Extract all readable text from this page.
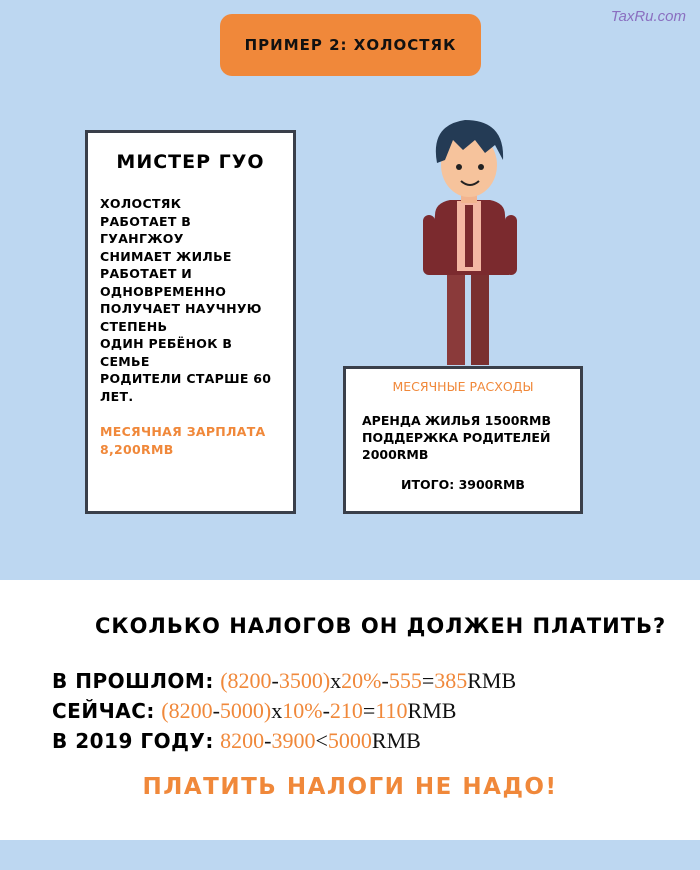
TaxRu.com
ПРИМЕР 2: ХОЛОСТЯК
МИСТЕР ГУО
ХОЛОСТЯК
РАБОТАЕТ В
ГУАНГЖОУ
СНИМАЕТ ЖИЛЬЕ
РАБОТАЕТ И
ОДНОВРЕМЕННО
ПОЛУЧАЕТ НАУЧНУЮ
СТЕПЕНЬ
ОДИН РЕБЁНОК В
СЕМЬЕ
РОДИТЕЛИ СТАРШЕ 60
ЛЕТ.
МЕСЯЧНАЯ ЗАРПЛАТА
8,200RMB
МЕСЯЧНЫЕ РАСХОДЫ
АРЕНДА ЖИЛЬЯ 1500RMB
ПОДДЕРЖКА РОДИТЕЛЕЙ
2000RMB
ИТОГО: 3900RMB
СКОЛЬКО НАЛОГОВ ОН ДОЛЖЕН ПЛАТИТЬ?
В ПРОШЛОМ: (8200-3500)x20%-555=385RMB
СЕЙЧАС: (8200-5000)x10%-210=110RMB
В 2019 ГОДУ: 8200-3900<5000RMB
ПЛАТИТЬ НАЛОГИ НЕ НАДО!
